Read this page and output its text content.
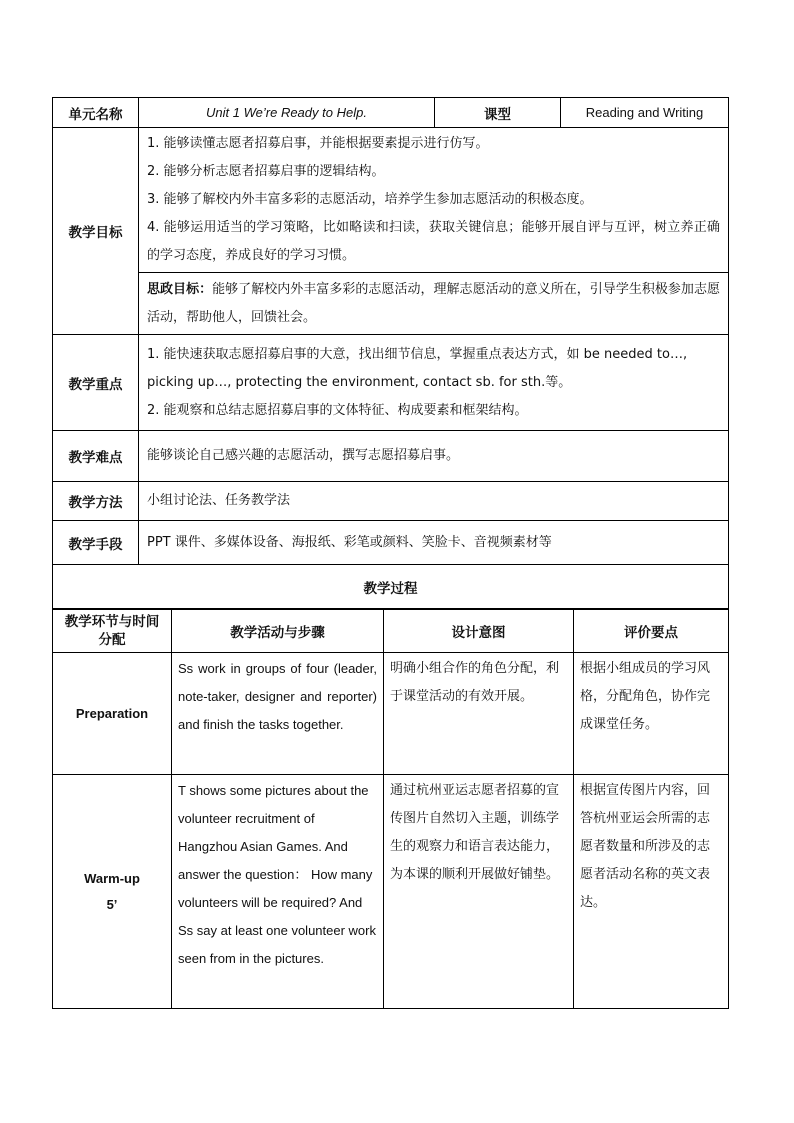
单元名称	Unit 1 We’re Ready to Help.	课型	Reading and Writing
教学目标	1. 能够读懂志愿者招募启事，并能根据要素提示进行仿写。

2. 能够分析志愿者招募启事的逻辑结构。

3. 能够了解校内外丰富多彩的志愿活动，培养学生参加志愿活动的积极态度。

4. 能够运用适当的学习策略，比如略读和扫读，获取关键信息；能够开展自评与互评，树立养正确的学习态度，养成良好的学习习惯。		

	思政目标：能够了解校内外丰富多彩的志愿活动，理解志愿活动的意义所在，引导学生积极参加志愿活动，帮助他人，回馈社会。		

教学重点	1. 能快速获取志愿招募启事的大意，找出细节信息，掌握重点表达方式，如 be needed to…, picking up…, protecting the environment, contact sb. for sth.等。

2. 能观察和总结志愿招募启事的文体特征、构成要素和框架结构。		

教学难点	能够谈论自己感兴趣的志愿活动，撰写志愿招募启事。		
教学方法	小组讨论法、任务教学法		
教学手段	PPT 课件、多媒体设备、海报纸、彩笔或颜料、笑脸卡、音视频素材等		
教学过程			
教学环节与时间分配	教学活动与步骤	设计意图	评价要点

Preparation	Ss work in groups of four (leader, note-taker, designer and reporter) and finish the tasks together.	明确小组合作的角色分配，利于课堂活动的有效开展。	根据小组成员的学习风格，分配角色，协作完成课堂任务。

Warm-up
5’	T shows some pictures about the volunteer recruitment of Hangzhou Asian Games. And answer the question： How many volunteers will be required? And Ss say at least one volunteer work seen from in the pictures.	通过杭州亚运志愿者招募的宣传图片自然切入主题，训练学生的观察力和语言表达能力，为本课的顺利开展做好铺垫。	根据宣传图片内容，回答杭州亚运会所需的志愿者数量和所涉及的志愿者活动名称的英文表达。
